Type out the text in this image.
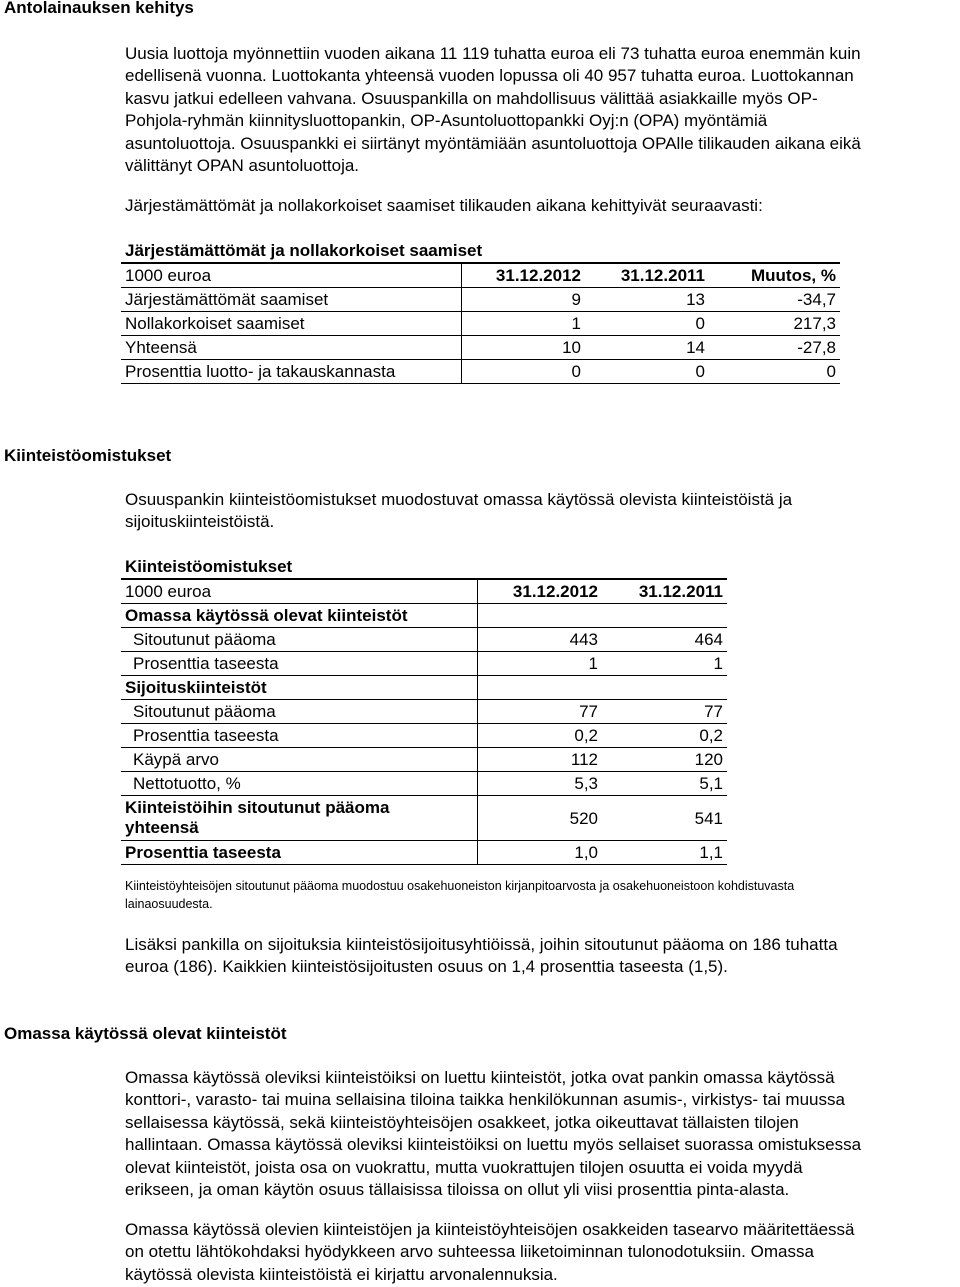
Antolainauksen kehitys

Uusia luottoja myönnettiin vuoden aikana 11 119 tuhatta euroa eli 73 tuhatta euroa enemmän kuin
edellisenä vuonna. Luottokanta yhteensä vuoden lopussa oli 40 957 tuhatta euroa. Luottokannan
kasvu jatkui edelleen vahvana. Osuuspankilla on mahdollisuus välittää asiakkaille myös OP-
Pohjola-ryhmän kiinnitysluottopankin, OP-Asuntoluottopankki Oyj:n (OPA) myöntämiä
asuntoluottoja. Osuuspankki ei siirtänyt myöntämiään asuntoluottoja OPAlle tilikauden aikana eikä
välittänyt OPAN asuntoluottoja.

Järjestämättömät ja nollakorkoiset saamiset tilikauden aikana kehittyivät seuraavasti:

Järjestämättömät ja nollakorkoiset saamiset			
1000 euroa	31.12.2012	31.12.2011	Muutos, %
Järjestämättömät saamiset	9	13	-34,7
Nollakorkoiset saamiset	1	0	217,3
Yhteensä	10	14	-27,8
Prosenttia luotto- ja takauskannasta	0	0	0
Kiinteistöomistukset

Osuuspankin kiinteistöomistukset muodostuvat omassa käytössä olevista kiinteistöistä ja
sijoituskiinteistöistä.

Kiinteistöomistukset		
1000 euroa	31.12.2012	31.12.2011
Omassa käytössä olevat kiinteistöt		
Sitoutunut pääoma	443	464
Prosenttia taseesta	1	1
Sijoituskiinteistöt		
Sitoutunut pääoma	77	77
Prosenttia taseesta	0,2	0,2
Käypä arvo	112	120
Nettotuotto, %	5,3	5,1
Kiinteistöihin sitoutunut pääoma
yhteensä	520	541
Prosenttia taseesta	1,0	1,1

Kiinteistöyhteisöjen sitoutunut pääoma muodostuu osakehuoneiston kirjanpitoarvosta ja osakehuoneistoon kohdistuvasta
lainaosuudesta.

Lisäksi pankilla on sijoituksia kiinteistösijoitusyhtiöissä, joihin sitoutunut pääoma on 186 tuhatta
euroa (186). Kaikkien kiinteistösijoitusten osuus on 1,4 prosenttia taseesta (1,5).

Omassa käytössä olevat kiinteistöt

Omassa käytössä oleviksi kiinteistöiksi on luettu kiinteistöt, jotka ovat pankin omassa käytössä
konttori-, varasto- tai muina sellaisina tiloina taikka henkilökunnan asumis-, virkistys- tai muussa
sellaisessa käytössä, sekä kiinteistöyhteisöjen osakkeet, jotka oikeuttavat tällaisten tilojen
hallintaan. Omassa käytössä oleviksi kiinteistöiksi on luettu myös sellaiset suorassa omistuksessa
olevat kiinteistöt, joista osa on vuokrattu, mutta vuokrattujen tilojen osuutta ei voida myydä
erikseen, ja oman käytön osuus tällaisissa tiloissa on ollut yli viisi prosenttia pinta-alasta.

Omassa käytössä olevien kiinteistöjen ja kiinteistöyhteisöjen osakkeiden tasearvo määritettäessä
on otettu lähtökohdaksi hyödykkeen arvo suhteessa liiketoiminnan tulonodotuksiin. Omassa
käytössä olevista kiinteistöistä ei kirjattu arvonalennuksia.
